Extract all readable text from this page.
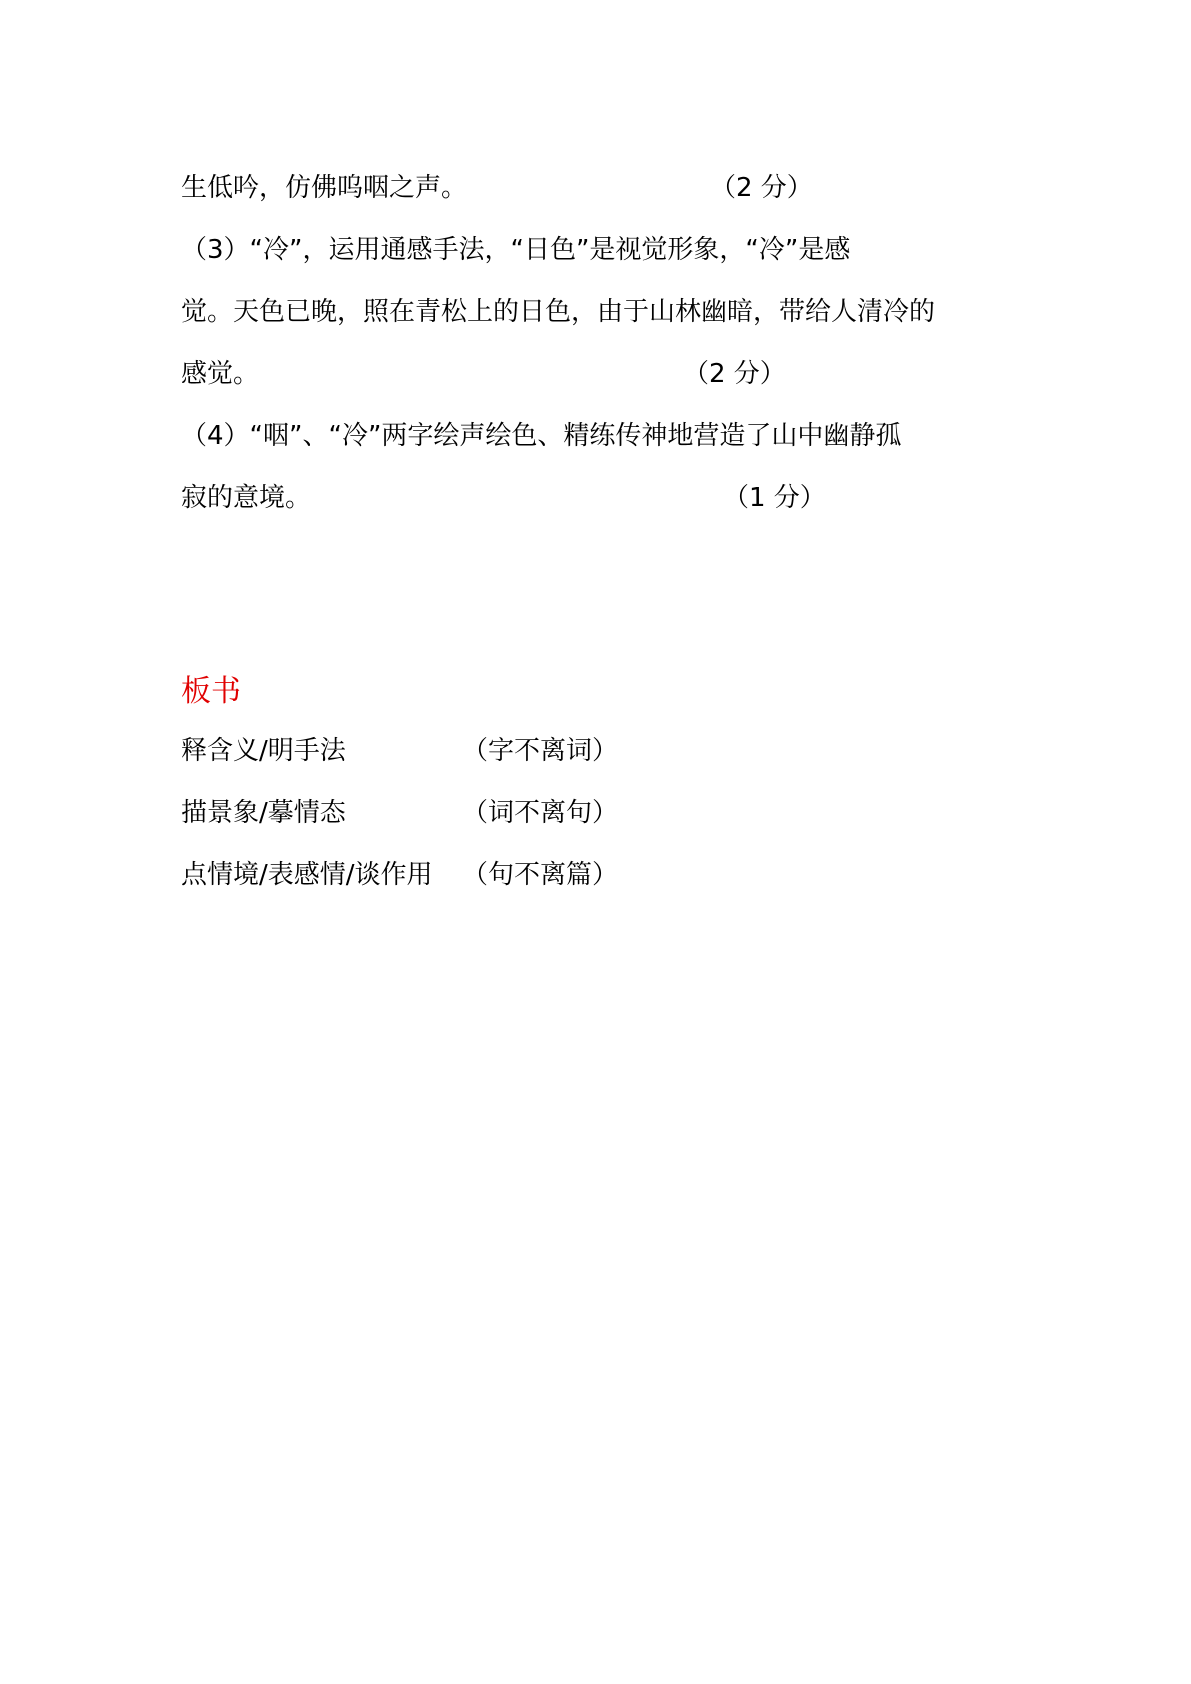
生低吟，仿佛呜咽之声。	（2 分）
（3）“冷”，运用通感手法，“日色”是视觉形象，“冷”是感
觉。天色已晚，照在青松上的日色，由于山林幽暗，带给人清冷的
感觉。	（2 分）
（4）“咽”、“冷”两字绘声绘色、精练传神地营造了山中幽静孤
寂的意境。	（1 分）
板书
释含义/明手法	（字不离词）
描景象/摹情态	（词不离句）
点情境/表感情/谈作用 （句不离篇）
